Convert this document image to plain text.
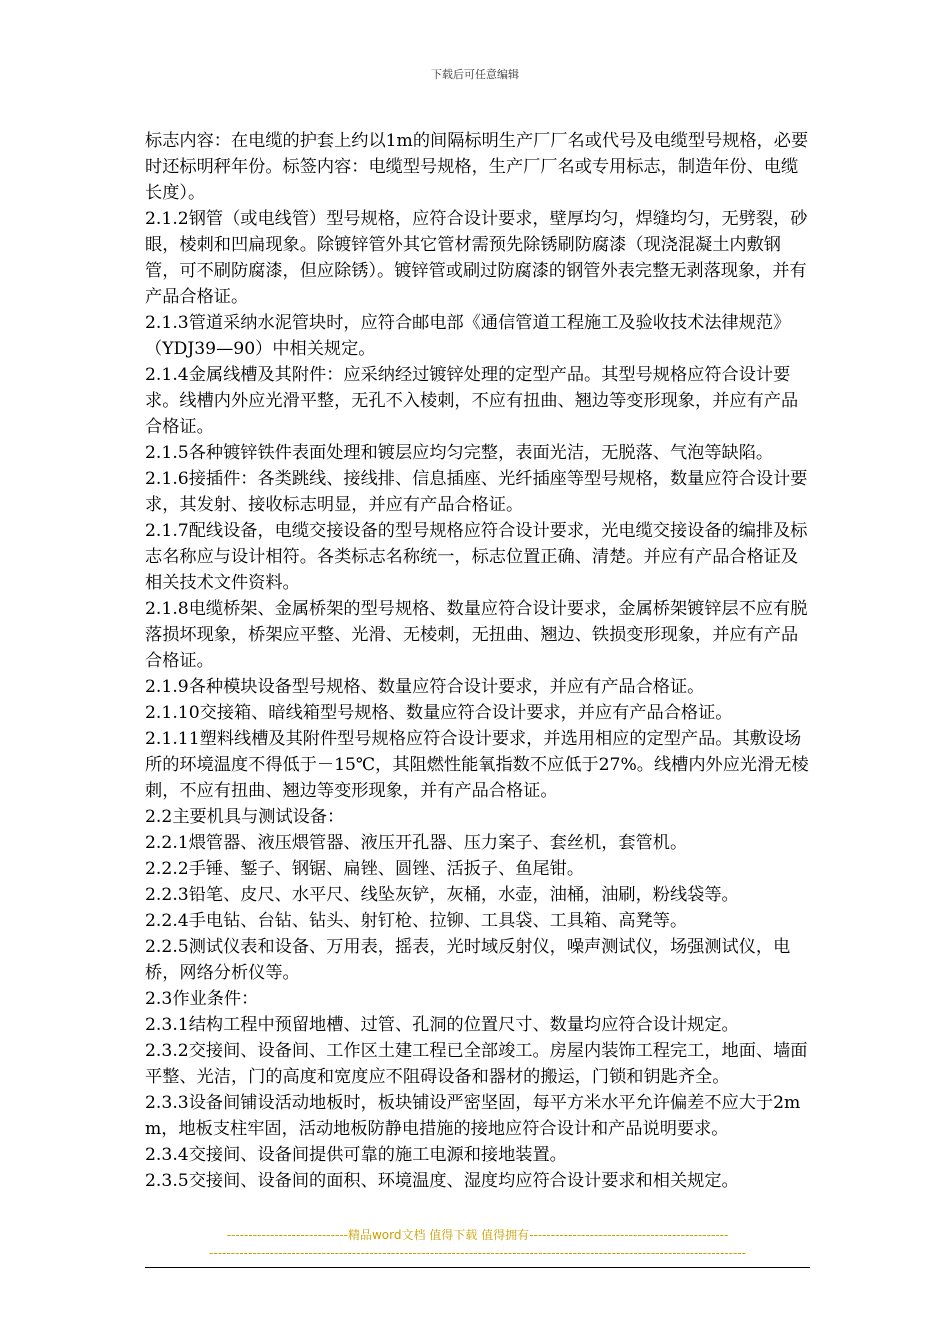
下载后可任意编辑

标志内容：在电缆的护套上约以1m的间隔标明生产厂厂名或代号及电缆型号规格，必要时还标明秤年份。标签内容：电缆型号规格，生产厂厂名或专用标志，制造年份、电缆长度）。

2.1.2钢管（或电线管）型号规格，应符合设计要求，壁厚均匀，焊缝均匀，无劈裂，砂眼，棱刺和凹扁现象。除镀锌管外其它管材需预先除锈刷防腐漆（现浇混凝土内敷钢管，可不刷防腐漆，但应除锈）。镀锌管或刷过防腐漆的钢管外表完整无剥落现象，并有产品合格证。

2.1.3管道采纳水泥管块时，应符合邮电部《通信管道工程施工及验收技术法律规范》（YDJ39—90）中相关规定。

2.1.4金属线槽及其附件：应采纳经过镀锌处理的定型产品。其型号规格应符合设计要求。线槽内外应光滑平整，无孔不入棱刺，不应有扭曲、翘边等变形现象，并应有产品合格证。

2.1.5各种镀锌铁件表面处理和镀层应均匀完整，表面光洁，无脱落、气泡等缺陷。

2.1.6接插件：各类跳线、接线排、信息插座、光纤插座等型号规格，数量应符合设计要求，其发射、接收标志明显，并应有产品合格证。

2.1.7配线设备，电缆交接设备的型号规格应符合设计要求，光电缆交接设备的编排及标志名称应与设计相符。各类标志名称统一，标志位置正确、清楚。并应有产品合格证及相关技术文件资料。

2.1.8电缆桥架、金属桥架的型号规格、数量应符合设计要求，金属桥架镀锌层不应有脱落损坏现象，桥架应平整、光滑、无棱刺，无扭曲、翘边、铁损变形现象，并应有产品合格证。

2.1.9各种模块设备型号规格、数量应符合设计要求，并应有产品合格证。

2.1.10交接箱、暗线箱型号规格、数量应符合设计要求，并应有产品合格证。

2.1.11塑料线槽及其附件型号规格应符合设计要求，并选用相应的定型产品。其敷设场所的环境温度不得低于－15℃，其阻燃性能氧指数不应低于27%。线槽内外应光滑无棱刺，不应有扭曲、翘边等变形现象，并有产品合格证。

2.2主要机具与测试设备：

2.2.1煨管器、液压煨管器、液压开孔器、压力案子、套丝机，套管机。

2.2.2手锤、錾子、钢锯、扁锉、圆锉、活扳子、鱼尾钳。

2.2.3铅笔、皮尺、水平尺、线坠灰铲，灰桶，水壶，油桶，油刷，粉线袋等。

2.2.4手电钻、台钻、钻头、射钉枪、拉铆、工具袋、工具箱、高凳等。

2.2.5测试仪表和设备、万用表，摇表，光时域反射仪，噪声测试仪，场强测试仪，电桥，网络分析仪等。

2.3作业条件：

2.3.1结构工程中预留地槽、过管、孔洞的位置尺寸、数量均应符合设计规定。

2.3.2交接间、设备间、工作区土建工程已全部竣工。房屋内装饰工程完工，地面、墙面平整、光洁，门的高度和宽度应不阻碍设备和器材的搬运，门锁和钥匙齐全。

2.3.3设备间铺设活动地板时，板块铺设严密坚固，每平方米水平允许偏差不应大于2mm，地板支柱牢固，活动地板防静电措施的接地应符合设计和产品说明要求。

2.3.4交接间、设备间提供可靠的施工电源和接地装置。

2.3.5交接间、设备间的面积、环境温度、湿度均应符合设计要求和相关规定。

----------------------------精品word文档 值得下载 值得拥有----------------------------------------------
----------------------------------------------------------------------------------------------------------------------------
